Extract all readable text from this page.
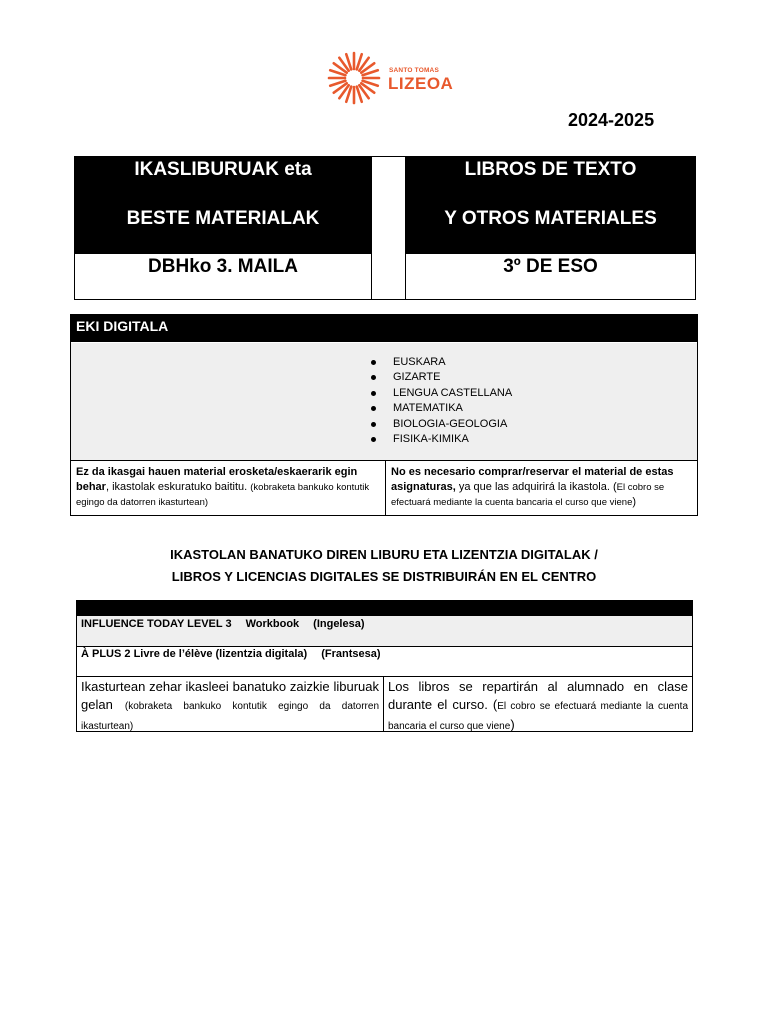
SANTO TOMAS
LIZEOA
2024-2025
IKASLIBURUAK eta
BESTE MATERIALAK
LIBROS DE TEXTO
Y OTROS MATERIALES
DBHko 3. MAILA	3º DE ESO
EKI DIGITALA
EUSKARA
GIZARTE
LENGUA CASTELLANA
MATEMATIKA
BIOLOGIA-GEOLOGIA
FISIKA-KIMIKA
Ez da ikasgai hauen material erosketa/eskaerarik egin behar, ikastolak eskuratuko baititu. (kobraketa bankuko kontutik egingo da datorren ikasturtean)
No es necesario comprar/reservar el material de estas asignaturas, ya que las adquirirá la ikastola. (El cobro se efectuará mediante la cuenta bancaria el curso que viene)
IKASTOLAN BANATUKO DIREN LIBURU ETA LIZENTZIA DIGITALAK /
LIBROS Y LICENCIAS DIGITALES SE DISTRIBUIRÁN EN EL CENTRO
INFLUENCE TODAY LEVEL 3 Workbook (Ingelesa)
À PLUS 2 Livre de l’élève (lizentzia digitala) (Frantsesa)
Ikasturtean zehar ikasleei banatuko zaizkie liburuak gelan (kobraketa bankuko kontutik egingo da datorren ikasturtean)
Los libros se repartirán al alumnado en clase durante el curso. (El cobro se efectuará mediante la cuenta bancaria el curso que viene)
